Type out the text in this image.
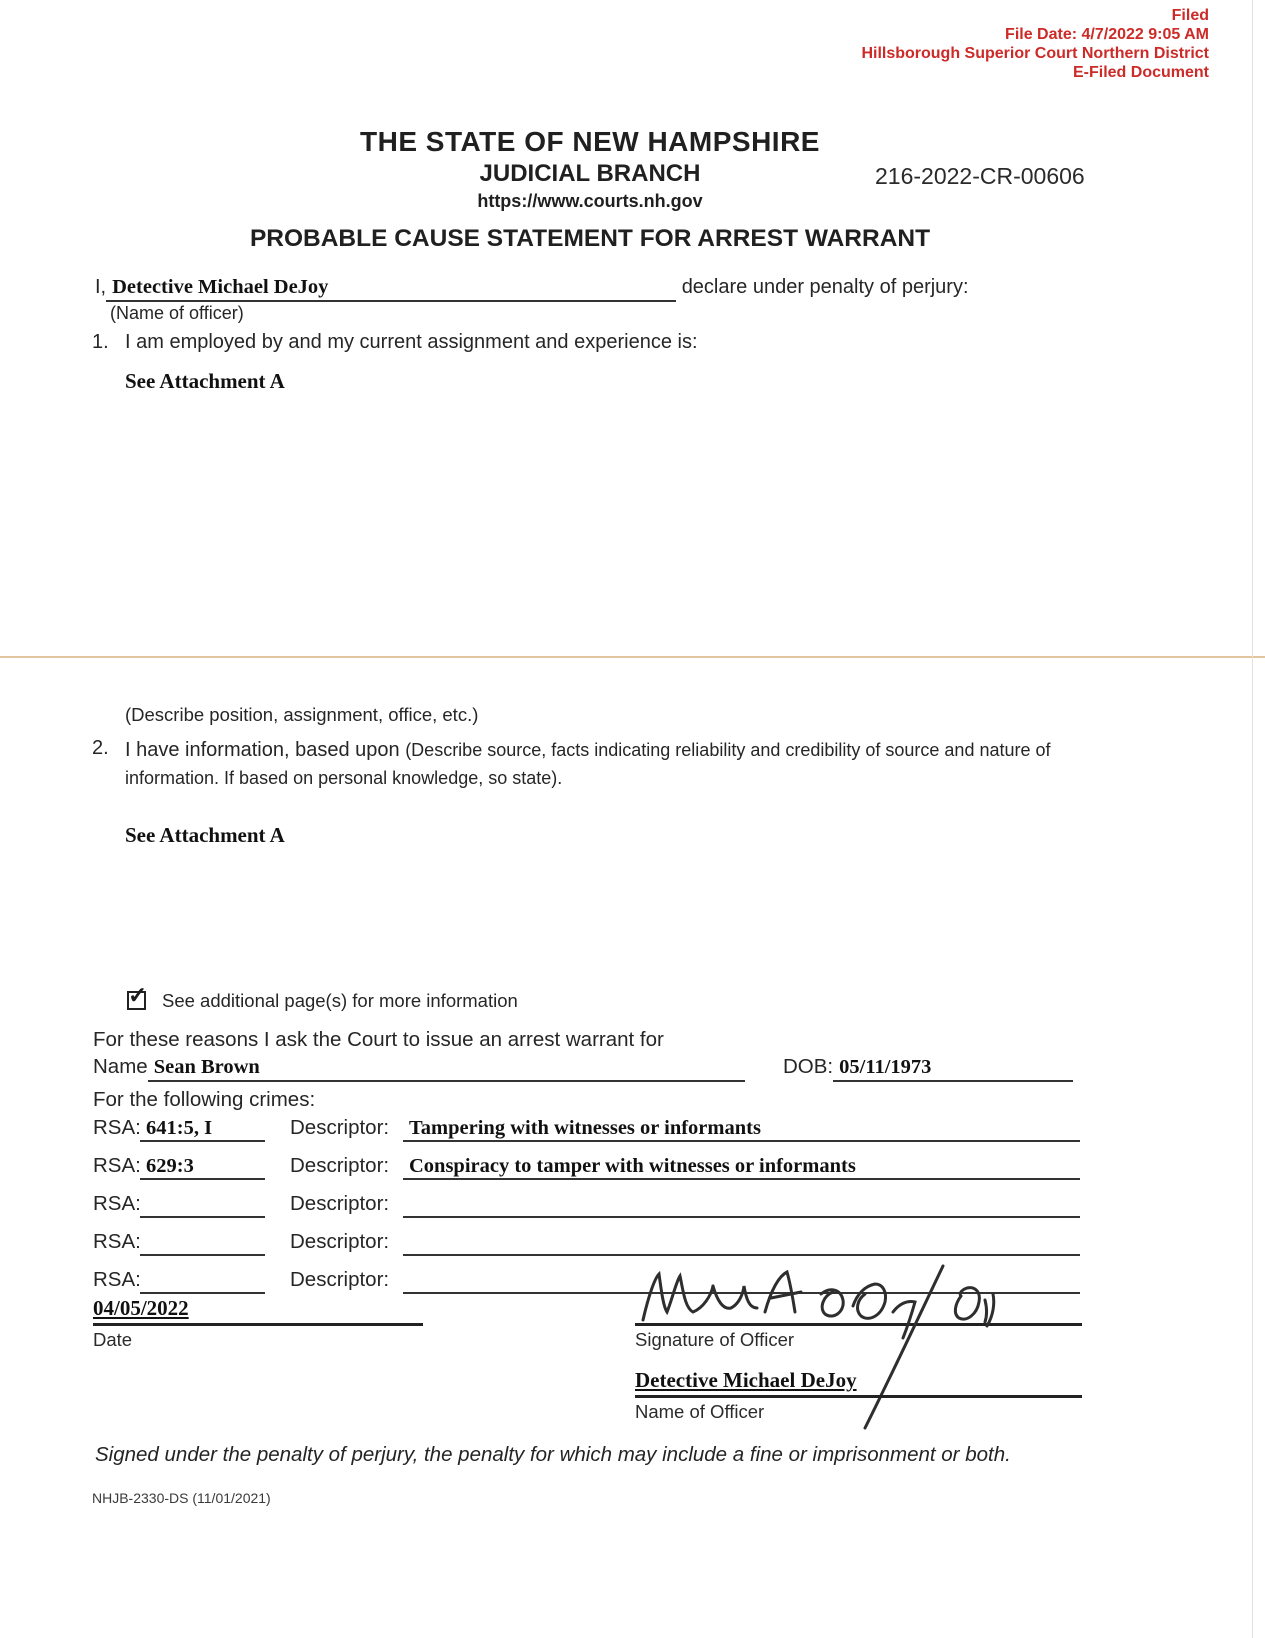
Filed
File Date: 4/7/2022 9:05 AM
Hillsborough Superior Court Northern District
E-Filed Document
THE STATE OF NEW HAMPSHIRE
JUDICIAL BRANCH
https://www.courts.nh.gov
216-2022-CR-00606
PROBABLE CAUSE STATEMENT FOR ARREST WARRANT
I, Detective Michael DeJoy	declare under penalty of perjury:
(Name of officer)
1. I am employed by and my current assignment and experience is:
See Attachment A
(Describe position, assignment, office, etc.)
2. I have information, based upon (Describe source, facts indicating reliability and credibility of source and nature of information. If based on personal knowledge, so state).
See Attachment A
✓ See additional page(s) for more information
For these reasons I ask the Court to issue an arrest warrant for
Name Sean Brown	DOB: 05/11/1973
For the following crimes:
RSA: 641:5, I	Descriptor: Tampering with witnesses or informants
RSA: 629:3	Descriptor: Conspiracy to tamper with witnesses or informants
RSA:	Descriptor:
RSA:	Descriptor:
RSA:	Descriptor:
04/05/2022
Date	Signature of Officer
Detective Michael DeJoy
Name of Officer
Signed under the penalty of perjury, the penalty for which may include a fine or imprisonment or both.
NHJB-2330-DS (11/01/2021)
